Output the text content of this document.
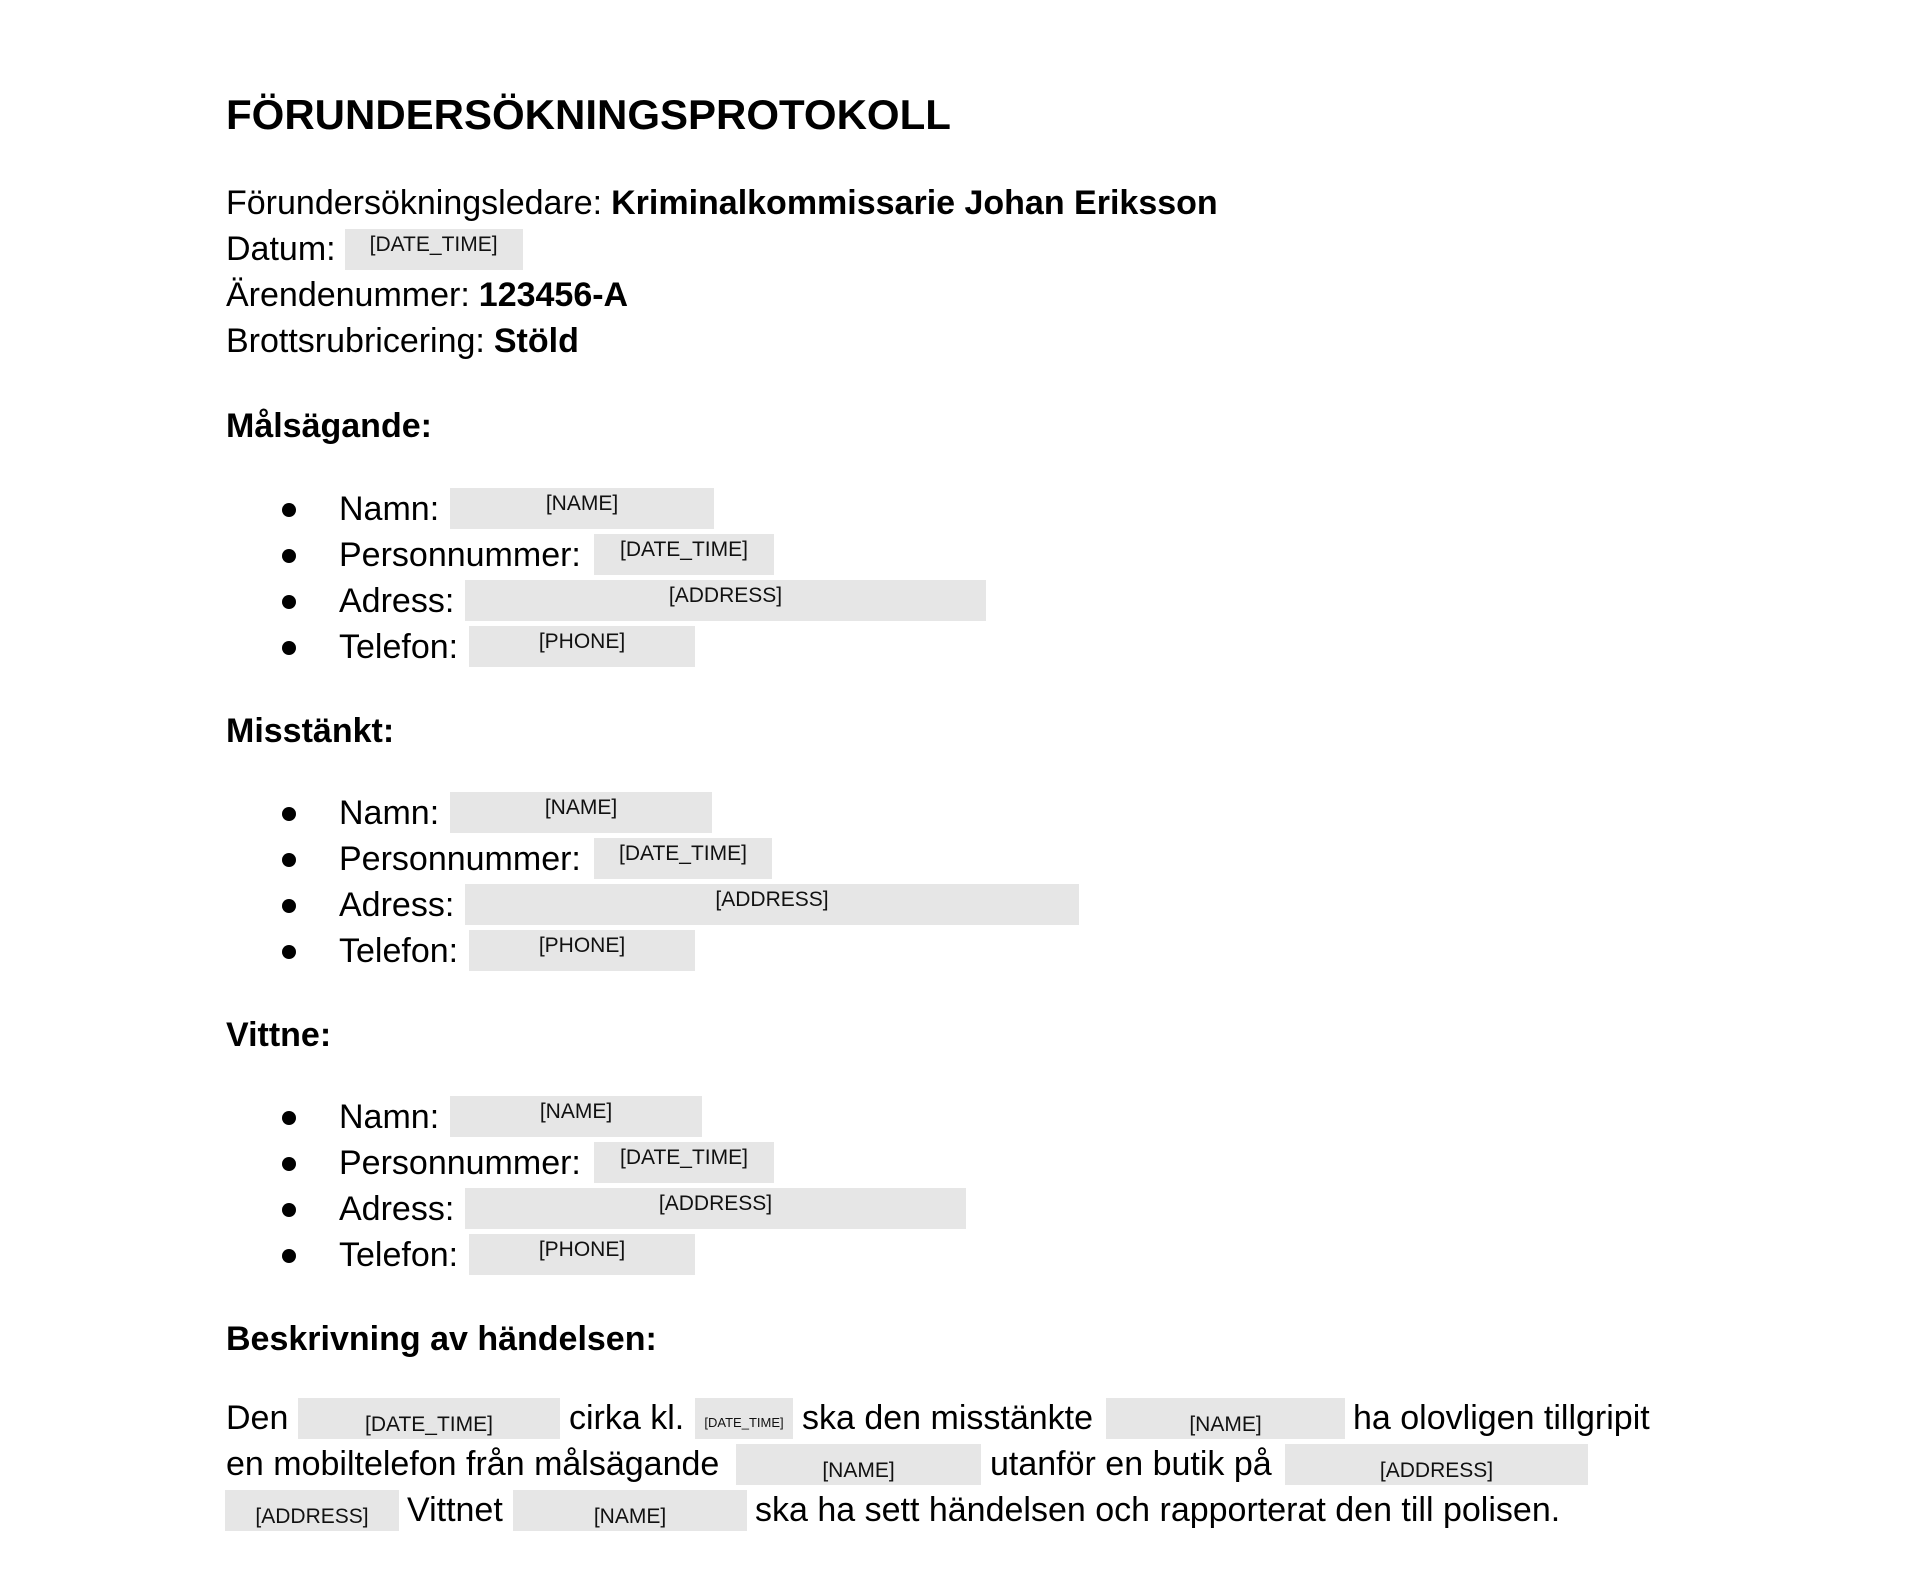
FÖRUNDERSÖKNINGSPROTOKOLL
Förundersökningsledare: Kriminalkommissarie Johan Eriksson
Datum:	[DATE_TIME]
Ärendenummer: 123456-A
Brottsrubricering: Stöld
Målsägande:
Namn:	[NAME]
Personnummer:	[DATE_TIME]
Adress:	[ADDRESS]
Telefon:	[PHONE]
Misstänkt:
Namn:	[NAME]
Personnummer:	[DATE_TIME]
Adress:	[ADDRESS]
Telefon:	[PHONE]
Vittne:
Namn:	[NAME]
Personnummer:	[DATE_TIME]
Adress:	[ADDRESS]
Telefon:	[PHONE]
Beskrivning av händelsen:
Den	[DATE_TIME]	cirka kl.	[DATE_TIME] ska den misstänkte	[NAME]	ha olovligen tillgripit
en mobiltelefon från målsägande	[NAME]	utanför en butik på	[ADDRESS]
[ADDRESS]	Vittnet	[NAME]	ska ha sett händelsen och rapporterat den till polisen.
